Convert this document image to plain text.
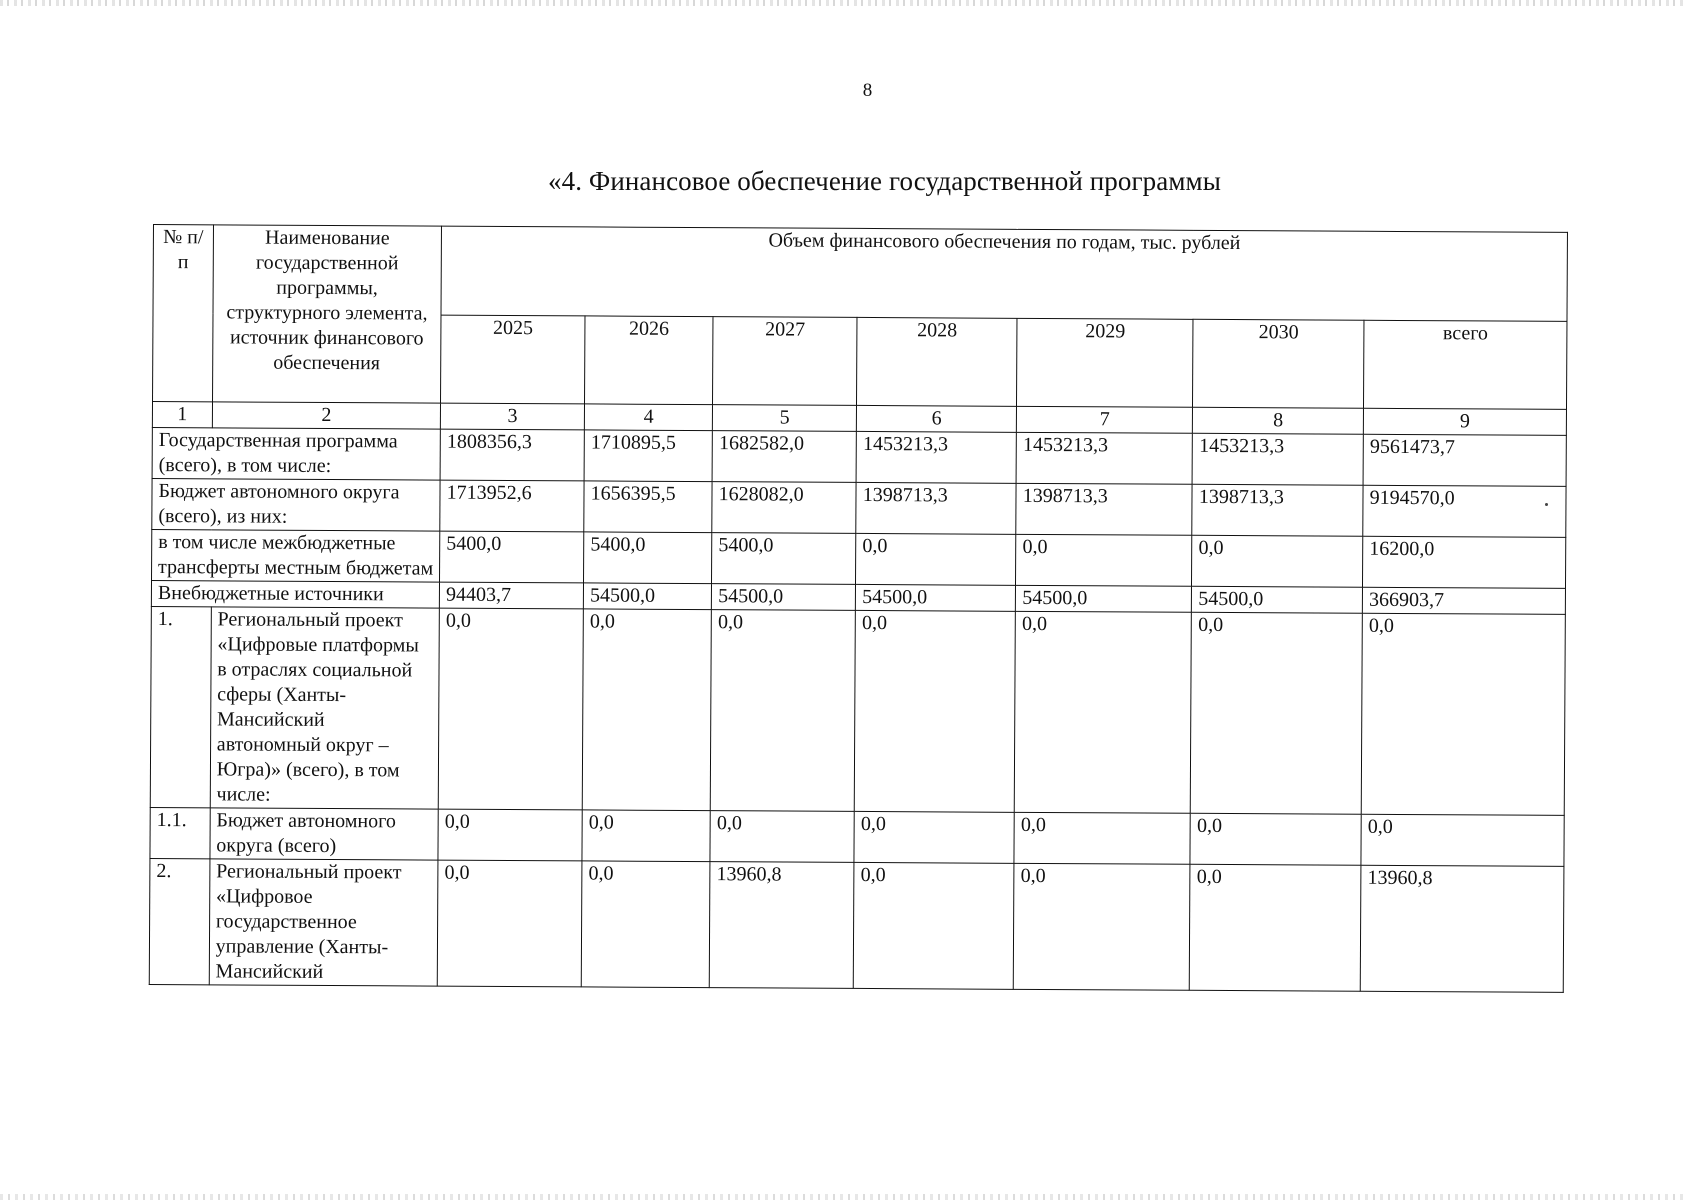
8
«4. Финансовое обеспечение государственной программы
№ п/п	Наименование государственной программы, структурного элемента, источник финансового обеспечения	Объем финансового обеспечения по годам, тыс. рублей						
		2025	2026	2027	2028	2029	2030	всего
1	2	3	4	5	6	7	8	9
Государственная программа (всего), в том числе:		1808356,3	1710895,5	1682582,0	1453213,3	1453213,3	1453213,3	9561473,7
Бюджет автономного округа (всего), из них:		1713952,6	1656395,5	1628082,0	1398713,3	1398713,3	1398713,3	9194570,0
в том числе межбюджетные трансферты местным бюджетам		5400,0	5400,0	5400,0	0,0	0,0	0,0	16200,0
Внебюджетные источники		94403,7	54500,0	54500,0	54500,0	54500,0	54500,0	366903,7
1.	Региональный проект «Цифровые платформы в отраслях социальной сферы (Ханты-Мансийский автономный округ – Югра)» (всего), в том числе:	0,0	0,0	0,0	0,0	0,0	0,0	0,0
1.1.	Бюджет автономного округа (всего)	0,0	0,0	0,0	0,0	0,0	0,0	0,0
2.	Региональный проект «Цифровое государственное управление (Ханты-Мансийский	0,0	0,0	13960,8	0,0	0,0	0,0	13960,8
